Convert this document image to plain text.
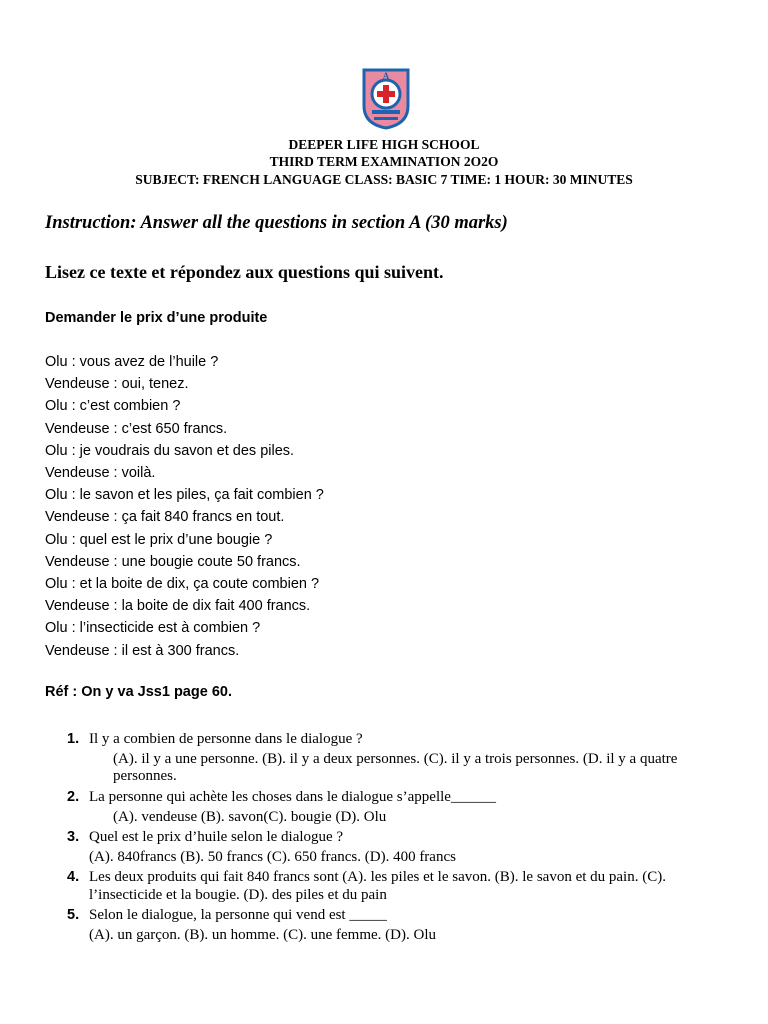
A
DEEPER LIFE HIGH SCHOOL
THIRD TERM EXAMINATION 2O2O
SUBJECT: FRENCH LANGUAGE CLASS: BASIC 7 TIME: 1 HOUR: 30 MINUTES
Instruction: Answer all the questions in section A (30 marks)
Lisez ce texte et répondez aux questions qui suivent.
Demander le prix d’une produite
Olu : vous avez de l’huile ?
Vendeuse : oui, tenez.
Olu : c’est combien ?
Vendeuse : c’est 650 francs.
Olu : je voudrais du savon et des piles.
Vendeuse : voilà.
Olu : le savon et les piles, ça fait combien ?
Vendeuse : ça fait 840 francs en tout.
Olu : quel est le prix d’une bougie ?
Vendeuse : une bougie coute 50 francs.
Olu : et la boite de dix, ça coute combien ?
Vendeuse : la boite de dix fait 400 francs.
Olu : l’insecticide est à combien ?
Vendeuse : il est à 300 francs.
Réf : On y va Jss1 page 60.
1. Il y a combien de personne dans le dialogue ?
(A). il y a une personne. (B). il y a deux personnes. (C). il y a trois personnes. (D. il y a quatre personnes.
2. La personne qui achète les choses dans le dialogue s’appelle______
(A). vendeuse (B). savon(C). bougie (D). Olu
3. Quel est le prix d’huile selon le dialogue ?
(A). 840francs (B). 50 francs (C). 650 francs. (D). 400 francs
4. Les deux produits qui fait 840 francs sont (A). les piles et le savon. (B). le savon et du pain. (C). l’insecticide et la bougie. (D). des piles et du pain
5. Selon le dialogue, la personne qui vend est _____
(A). un garçon. (B). un homme. (C). une femme. (D). Olu
